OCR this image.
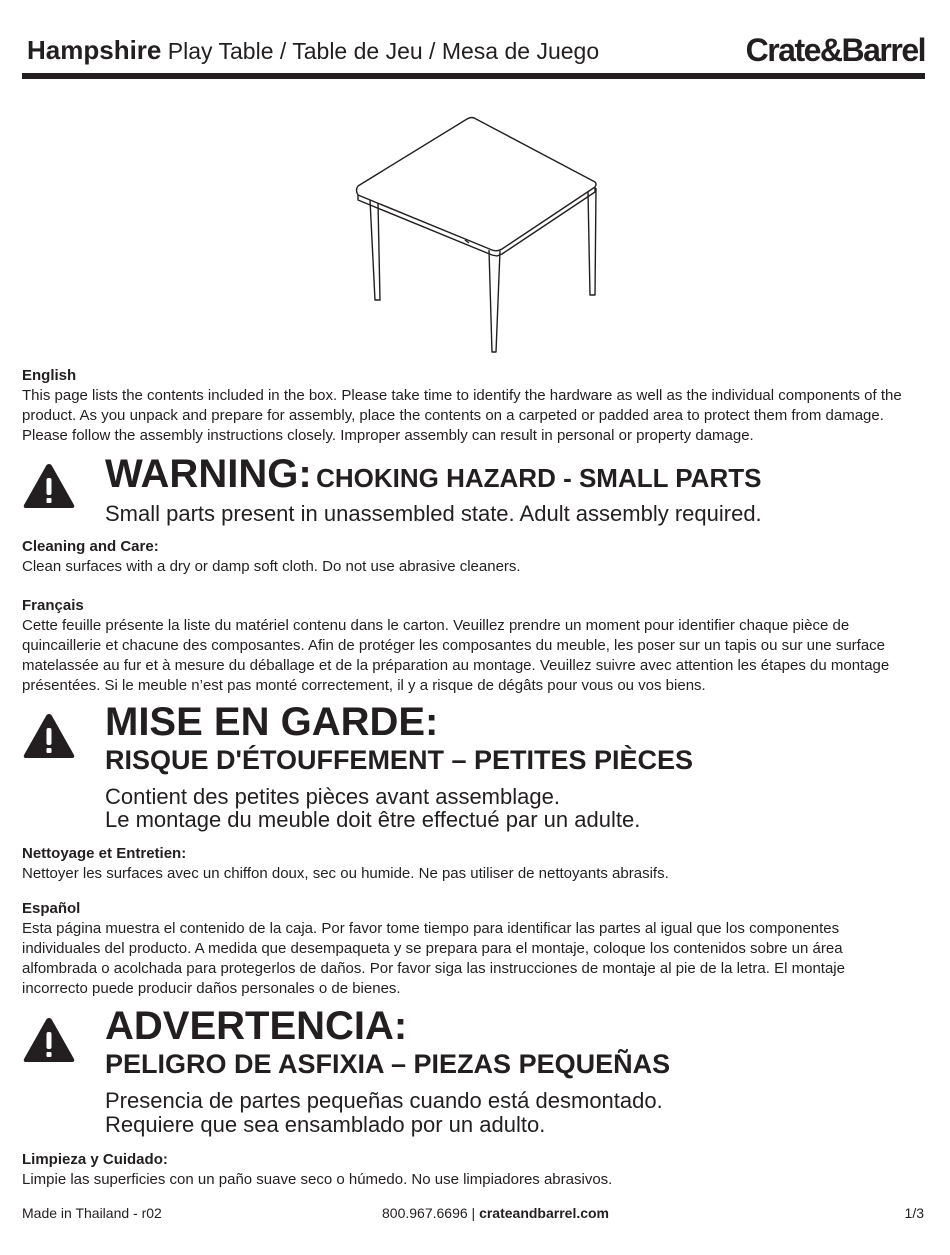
Hampshire Play Table / Table de Jeu / Mesa de Juego	Crate&Barrel
English
This page lists the contents included in the box. Please take time to identify the hardware as well as the individual components of the product. As you unpack and prepare for assembly, place the contents on a carpeted or padded area to protect them from damage. Please follow the assembly instructions closely. Improper assembly can result in personal or property damage.
WARNING: CHOKING HAZARD - SMALL PARTS
Small parts present in unassembled state. Adult assembly required.
Cleaning and Care:
Clean surfaces with a dry or damp soft cloth. Do not use abrasive cleaners.
Français
Cette feuille présente la liste du matériel contenu dans le carton. Veuillez prendre un moment pour identifier chaque pièce de quincaillerie et chacune des composantes. Afin de protéger les composantes du meuble, les poser sur un tapis ou sur une surface matelassée au fur et à mesure du déballage et de la préparation au montage. Veuillez suivre avec attention les étapes du montage présentées. Si le meuble n’est pas monté correctement, il y a risque de dégâts pour vous ou vos biens.
MISE EN GARDE:
RISQUE D'ÉTOUFFEMENT – PETITES PIÈCES
Contient des petites pièces avant assemblage.
Le montage du meuble doit être effectué par un adulte.
Nettoyage et Entretien:
Nettoyer les surfaces avec un chiffon doux, sec ou humide. Ne pas utiliser de nettoyants abrasifs.
Español
Esta página muestra el contenido de la caja. Por favor tome tiempo para identificar las partes al igual que los componentes individuales del producto. A medida que desempaqueta y se prepara para el montaje, coloque los contenidos sobre un área alfombrada o acolchada para protegerlos de daños. Por favor siga las instrucciones de montaje al pie de la letra. El montaje incorrecto puede producir daños personales o de bienes.
ADVERTENCIA:
PELIGRO DE ASFIXIA – PIEZAS PEQUEÑAS
Presencia de partes pequeñas cuando está desmontado.
Requiere que sea ensamblado por un adulto.
Limpieza y Cuidado:
Limpie las superficies con un paño suave seco o húmedo. No use limpiadores abrasivos.
Made in Thailand - r02	800.967.6696 | crateandbarrel.com	1/3
